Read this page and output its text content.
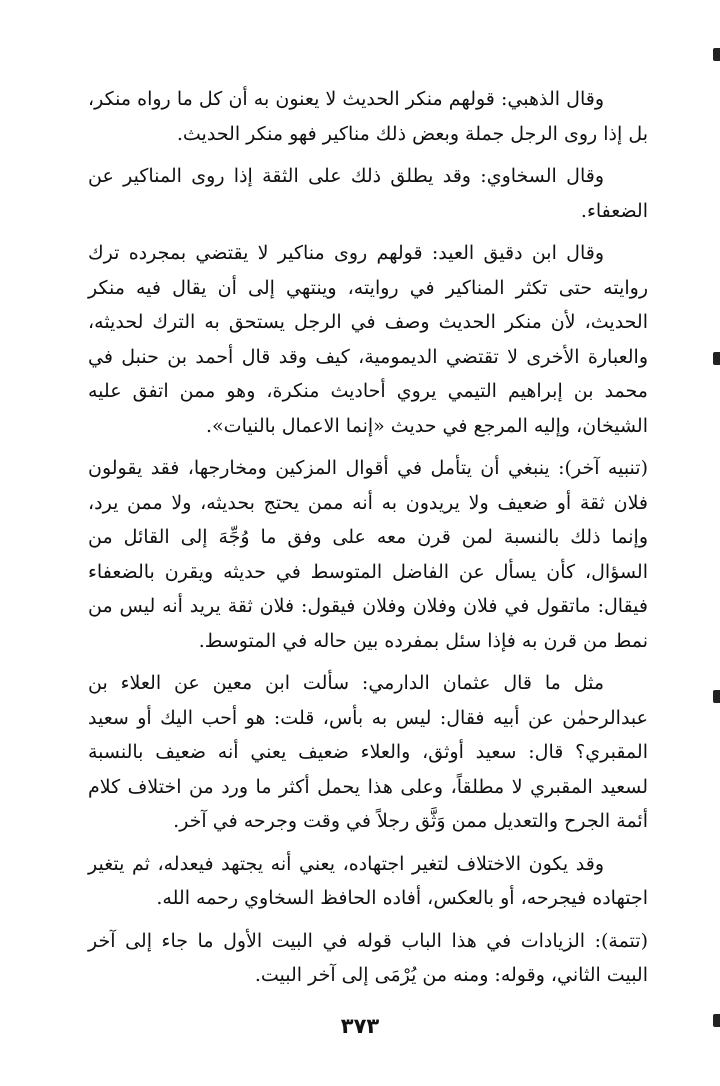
وقال الذهبي: قولهم منكر الحديث لا يعنون به أن كل ما رواه منكر، بل إذا روى الرجل جملة وبعض ذلك مناكير فهو منكر الحديث.

وقال السخاوي: وقد يطلق ذلك على الثقة إذا روى المناكير عن الضعفاء.

وقال ابن دقيق العيد: قولهم روى مناكير لا يقتضي بمجرده ترك روايته حتى تكثر المناكير في روايته، وينتهي إلى أن يقال فيه منكر الحديث، لأن منكر الحديث وصف في الرجل يستحق به الترك لحديثه، والعبارة الأخرى لا تقتضي الديمومية، كيف وقد قال أحمد بن حنبل في محمد بن إبراهيم التيمي يروي أحاديث منكرة، وهو ممن اتفق عليه الشيخان، وإليه المرجع في حديث «إنما الاعمال بالنيات».

(تنبيه آخر): ينبغي أن يتأمل في أقوال المزكين ومخارجها، فقد يقولون فلان ثقة أو ضعيف ولا يريدون به أنه ممن يحتج بحديثه، ولا ممن يرد، وإنما ذلك بالنسبة لمن قرن معه على وفق ما وُجِّهَ إلى القائل من السؤال، كأن يسأل عن الفاضل المتوسط في حديثه ويقرن بالضعفاء فيقال: ماتقول في فلان وفلان وفلان فيقول: فلان ثقة يريد أنه ليس من نمط من قرن به فإذا سئل بمفرده بين حاله في المتوسط.

مثل ما قال عثمان الدارمي: سألت ابن معين عن العلاء بن عبدالرحمٰن عن أبيه فقال: ليس به بأس، قلت: هو أحب اليك أو سعيد المقبري؟ قال: سعيد أوثق، والعلاء ضعيف يعني أنه ضعيف بالنسبة لسعيد المقبري لا مطلقاً، وعلى هذا يحمل أكثر ما ورد من اختلاف كلام أئمة الجرح والتعديل ممن وَثَّق رجلاً في وقت وجرحه في آخر.

وقد يكون الاختلاف لتغير اجتهاده، يعني أنه يجتهد فيعدله، ثم يتغير اجتهاده فيجرحه، أو بالعكس، أفاده الحافظ السخاوي رحمه الله.

(تتمة): الزيادات في هذا الباب قوله في البيت الأول ما جاء إلى آخر البيت الثاني، وقوله: ومنه من يُرْمَى إلى آخر البيت.

٣٧٣
